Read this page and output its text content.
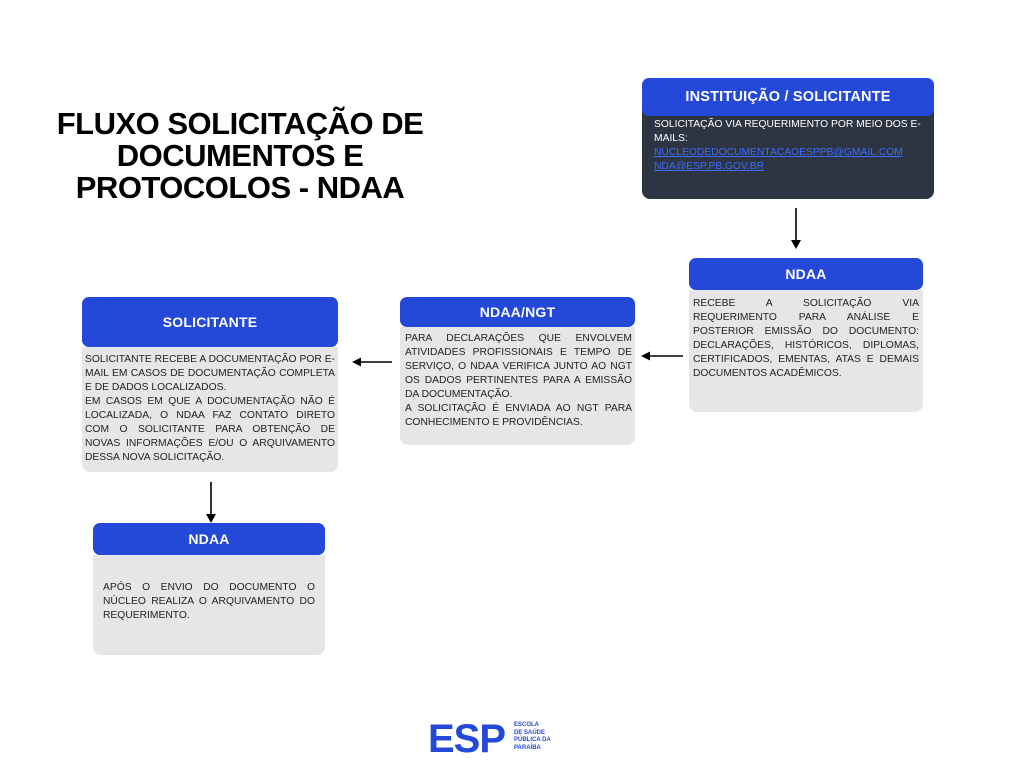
FLUXO SOLICITAÇÃO DE DOCUMENTOS E PROTOCOLOS - NDAA
SOLICITAÇÃO VIA REQUERIMENTO POR MEIO DOS E-MAILS:
NUCLEODEDOCUMENTACAOESPPB@GMAIL.COM
NDA@ESP.PB.GOV.BR
INSTITUIÇÃO / SOLICITANTE
RECEBE A SOLICITAÇÃO VIA REQUERIMENTO PARA ANÁLISE E POSTERIOR EMISSÃO DO DOCUMENTO: DECLARAÇÕES, HISTÓRICOS, DIPLOMAS, CERTIFICADOS, EMENTAS, ATAS E DEMAIS DOCUMENTOS ACADÊMICOS.
NDAA
PARA DECLARAÇÕES QUE ENVOLVEM ATIVIDADES PROFISSIONAIS E TEMPO DE SERVIÇO, O NDAA VERIFICA JUNTO AO NGT OS DADOS PERTINENTES PARA A EMISSÃO DA DOCUMENTAÇÃO.
A SOLICITAÇÃO É ENVIADA AO NGT PARA CONHECIMENTO E PROVIDÊNCIAS.
NDAA/NGT
SOLICITANTE RECEBE A DOCUMENTAÇÃO POR E-MAIL EM CASOS DE DOCUMENTAÇÃO COMPLETA E DE DADOS LOCALIZADOS.
EM CASOS EM QUE A DOCUMENTAÇÃO NÃO É LOCALIZADA, O NDAA FAZ CONTATO DIRETO COM O SOLICITANTE PARA OBTENÇÃO DE NOVAS INFORMAÇÕES E/OU O ARQUIVAMENTO DESSA NOVA SOLICITAÇÃO.
SOLICITANTE
APÓS O ENVIO DO DOCUMENTO O NÚCLEO REALIZA O ARQUIVAMENTO DO REQUERIMENTO.
NDAA
ESP ESCOLA
DE SAÚDE
PÚBLICA DA
PARAÍBA
